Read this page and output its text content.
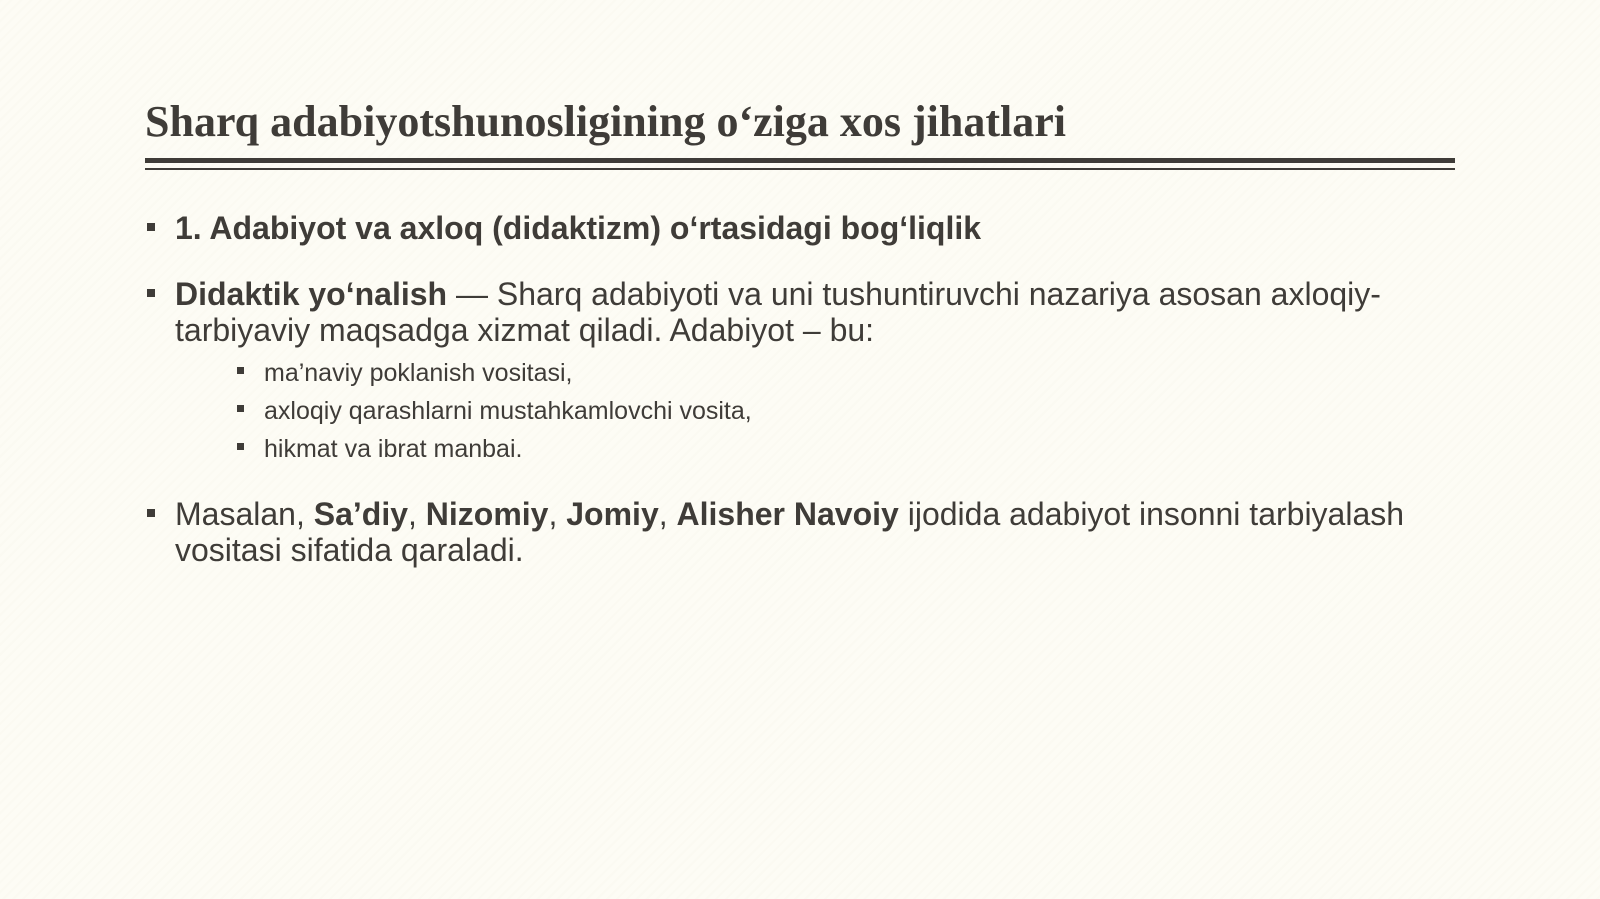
Sharq adabiyotshunosligining o‘ziga xos jihatlari
1. Adabiyot va axloq (didaktizm) o‘rtasidagi bog‘liqlik
Didaktik yo‘nalish — Sharq adabiyoti va uni tushuntiruvchi nazariya asosan axloqiy-tarbiyaviy maqsadga xizmat qiladi. Adabiyot – bu:
ma’naviy poklanish vositasi,
axloqiy qarashlarni mustahkamlovchi vosita,
hikmat va ibrat manbai.
Masalan, Sa’diy, Nizomiy, Jomiy, Alisher Navoiy ijodida adabiyot insonni tarbiyalash vositasi sifatida qaraladi.
